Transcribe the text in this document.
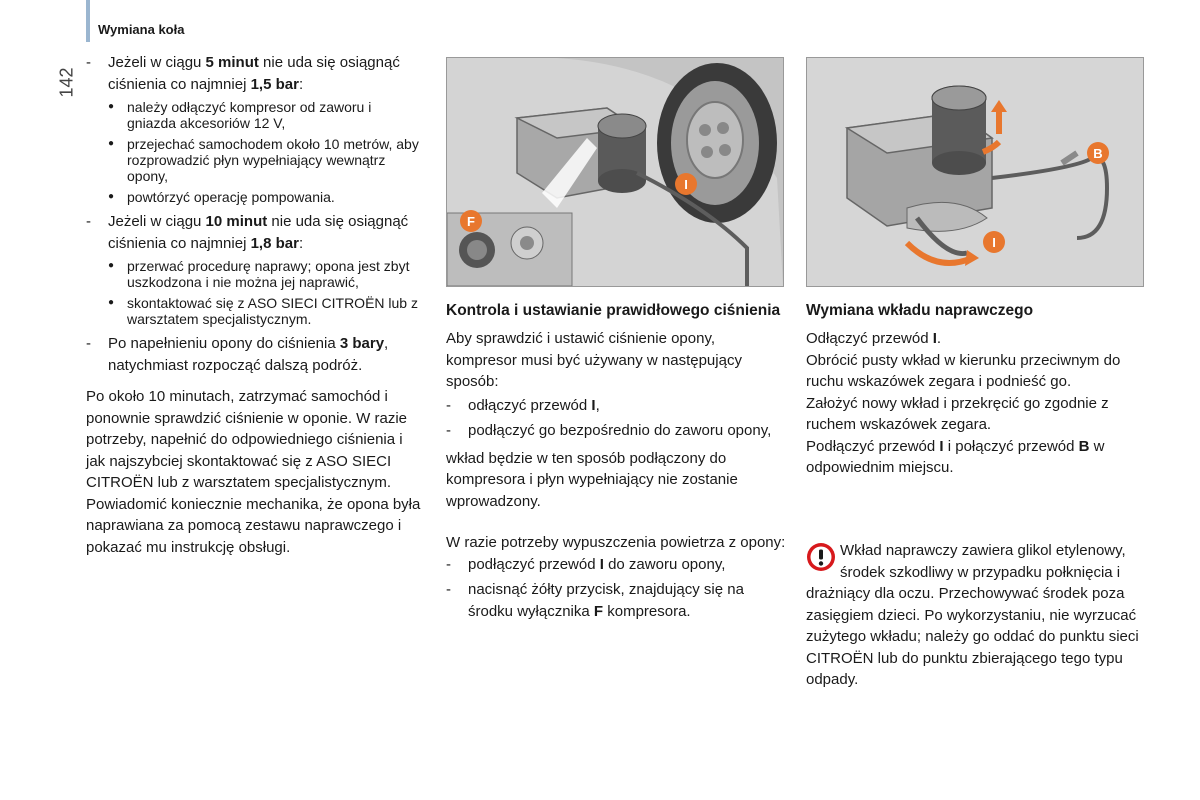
Wymiana koła
142
- Jeżeli w ciągu 5 minut nie uda się osiągnąć ciśnienia co najmniej 1,5 bar:
● należy odłączyć kompresor od zaworu i gniazda akcesoriów 12 V,
● przejechać samochodem około 10 metrów, aby rozprowadzić płyn wypełniający wewnątrz opony,
● powtórzyć operację pompowania.
- Jeżeli w ciągu 10 minut nie uda się osiągnąć ciśnienia co najmniej 1,8 bar:
● przerwać procedurę naprawy; opona jest zbyt uszkodzona i nie można jej naprawić,
● skontaktować się z ASO SIECI CITROËN lub z warsztatem specjalistycznym.
- Po napełnieniu opony do ciśnienia 3 bary, natychmiast rozpocząć dalszą podróż.

Po około 10 minutach, zatrzymać samochód i ponownie sprawdzić ciśnienie w oponie. W razie potrzeby, napełnić do odpowiedniego ciśnienia i jak najszybciej skontaktować się z ASO SIECI CITROËN lub z warsztatem specjalistycznym. Powiadomić koniecznie mechanika, że opona była naprawiana za pomocą zestawu naprawczego i pokazać mu instrukcję obsługi.

I
F
Kontrola i ustawianie prawidłowego ciśnienia

Aby sprawdzić i ustawić ciśnienie opony, kompresor musi być używany w następujący sposób:

- odłączyć przewód I,
- podłączyć go bezpośrednio do zaworu opony,

wkład będzie w ten sposób podłączony do kompresora i płyn wypełniający nie zostanie wprowadzony.

W razie potrzeby wypuszczenia powietrza z opony:

- podłączyć przewód I do zaworu opony,
- nacisnąć żółty przycisk, znajdujący się na środku wyłącznika F kompresora.
B
I
Wymiana wkładu naprawczego

Odłączyć przewód I.

Obrócić pusty wkład w kierunku przeciwnym do ruchu wskazówek zegara i podnieść go.

Założyć nowy wkład i przekręcić go zgodnie z ruchem wskazówek zegara.

Podłączyć przewód I i połączyć przewód B w odpowiednim miejscu.

Wkład naprawczy zawiera glikol etylenowy, środek szkodliwy w przypadku połknięcia i drażniący dla oczu. Przechowywać środek poza zasięgiem dzieci. Po wykorzystaniu, nie wyrzucać zużytego wkładu; należy go oddać do punktu sieci CITROËN lub do punktu zbierającego tego typu odpady.
